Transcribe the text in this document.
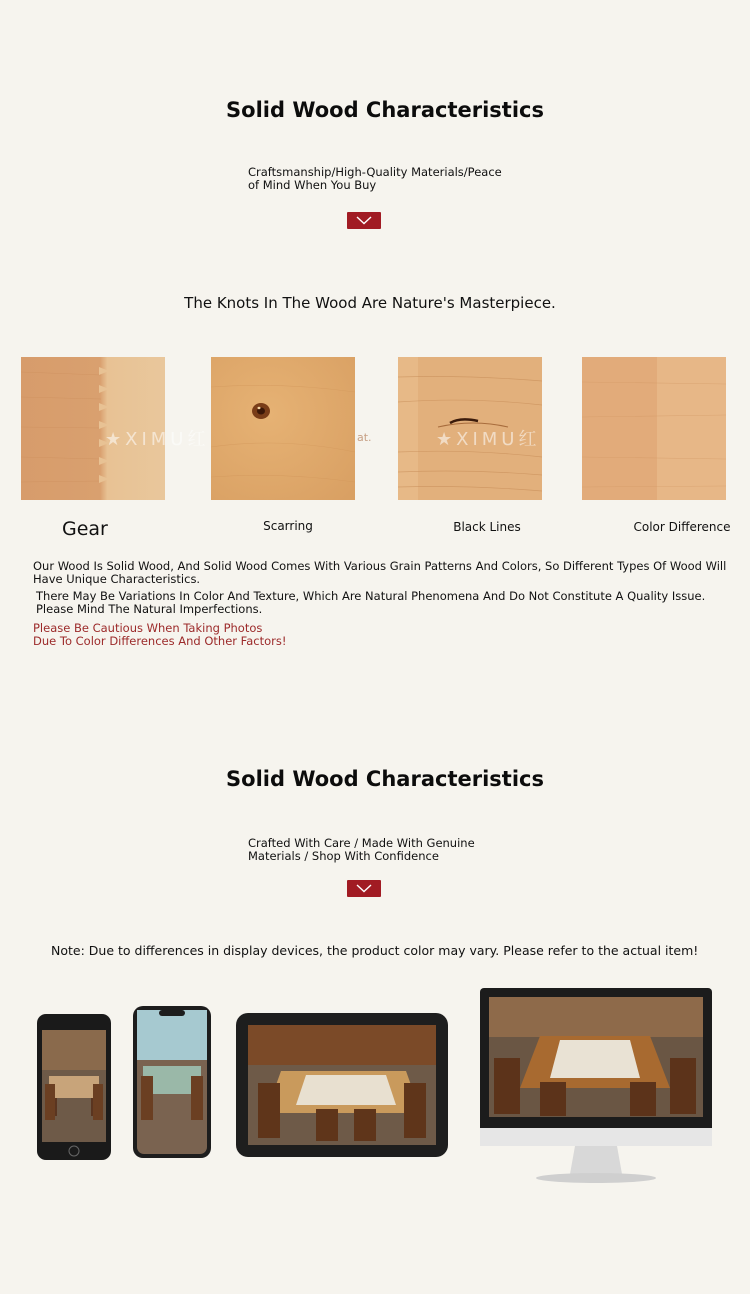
Solid Wood Characteristics
Craftsmanship/High-Quality Materials/Peace
of Mind When You Buy
The Knots In The Wood Are Nature's Masterpiece.
★XIMU红	★XIMU红
at.
Gear	Scarring	Black Lines	Color Difference
Our Wood Is Solid Wood, And Solid Wood Comes With Various Grain Patterns And Colors, So Different Types Of Wood Will
Have Unique Characteristics.
There May Be Variations In Color And Texture, Which Are Natural Phenomena And Do Not Constitute A Quality Issue.
Please Mind The Natural Imperfections.
Please Be Cautious When Taking Photos
Due To Color Differences And Other Factors!
Solid Wood Characteristics
Crafted With Care / Made With Genuine
Materials / Shop With Confidence
Note: Due to differences in display devices, the product color may vary. Please refer to the actual item!
